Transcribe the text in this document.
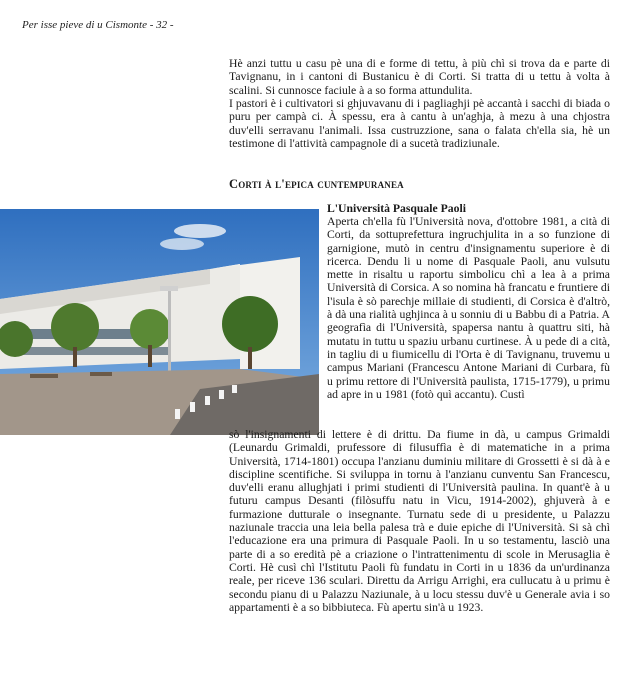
Per isse pieve di u Cismonte - 32 -

Hè anzi tuttu u casu pè una di e forme di tettu, à più chì si trova da e parte di Tavignanu, in i cantoni di Bustanicu è di Corti. Si tratta di u tettu à volta à scalini. Si cunnosce faciule à a so forma attundulita.

I pastori è i cultivatori si ghjuvavanu di i pagliaghji pè accantà i sacchi di biada o puru per campà ci. À spessu, era à cantu à un'aghja, à mezu à una chjostra duv'elli serravanu l'animali. Issa custruzzione, sana o falata ch'ella sia, hè un testimone di l'attività campagnole di a sucetà tradiziunale.

Corti à l'epica cuntempuranea
L'Università Pasquale Paoli

Aperta ch'ella fù l'Università nova, d'ottobre 1981, a cità di Corti, da sottuprefettura ingruchjulita in a so funzione di garnigione, mutò in centru d'insignamentu superiore è di ricerca. Dendu li u nome di Pasquale Paoli, anu vulsutu mette in risaltu u raportu simbolicu chì a lea à a prima Università di Corsica. A so nomina hà francatu e fruntiere di l'isula è sò parechje millaie di studienti, di Corsica è d'altrò, à dà una rialità ughjinca à u sonniu di u Babbu di a Patria. A geografìa di l'Università, spapersa nantu à quattru siti, hà mutatu in tuttu u spaziu urbanu curtinese. À u pede di a cità, in tagliu di u fiumicellu di l'Orta è di Tavignanu, truvemu u campus Mariani (Francescu Antone Mariani di Curbara, fù u primu rettore di l'Università paulista, 1715-1779), u primu ad apre in u 1981 (fotò quì accantu). Custì

sò l'insignamenti di lettere è di drittu. Da fiume in dà, u campus Grimaldi (Leunardu Grimaldi, prufessore di filusuffìa è di matematiche in a prima Università, 1714-1801) occupa l'anzianu duminiu militare di Grossetti è si dà à e discipline scentifiche. Si sviluppa in tornu à l'anzianu cunventu San Francescu, duv'elli eranu allughjati i primi studienti di l'Università paulina. In quant'è à u futuru campus Desanti (filòsuffu natu in Vicu, 1914-2002), ghjuverà à e furmazione dutturale o insegnante. Turnatu sede di u presidente, u Palazzu naziunale traccia una leia bella palesa trà e duie epiche di l'Università. Si sà chì l'educazione era una primura di Pasquale Paoli. In u so testamentu, lasciò una parte di a so eredità pè a criazione o l'intrattenimentu di scole in Merusaglia è Corti. Hè cusì chì l'Istitutu Paoli fù fundatu in Corti in u 1836 da un'urdinanza reale, per riceve 136 sculari. Direttu da Arrigu Arrighi, era cullucatu à u primu è secondu pianu di u Palazzu Naziunale, à u locu stessu duv'è u Generale avia i so appartamenti è a so bibbiuteca. Fù apertu sin'à u 1923.
